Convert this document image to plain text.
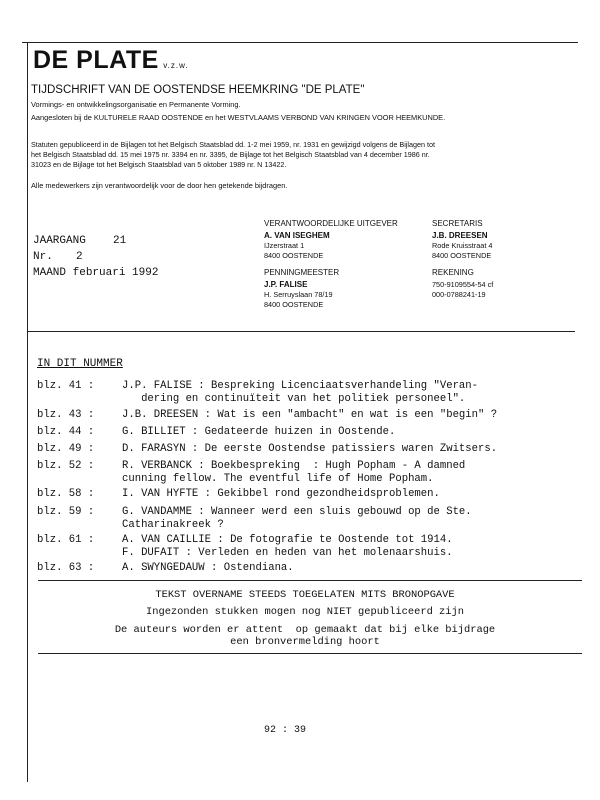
DE PLATE v.z.w.
TIJDSCHRIFT VAN DE OOSTENDSE HEEMKRING "DE PLATE"
Vormings- en ontwikkelingsorganisatie en Permanente Vorming.
Aangesloten bij de KULTURELE RAAD OOSTENDE en het WESTVLAAMS VERBOND VAN KRINGEN VOOR HEEMKUNDE.
Statuten gepubliceerd in de Bijlagen tot het Belgisch Staatsblad dd. 1-2 mei 1959, nr. 1931 en gewijzigd volgens de Bijlagen tot
het Belgisch Staatsblad dd. 15 mei 1975 nr. 3394 en nr. 3395, de Bijlage tot het Belgisch Staatsblad van 4 december 1986 nr.
31023 en de Bijlage tot het Belgisch Staatsblad van 5 oktober 1989 nr. N 13422.
Alle medewerkers zijn verantwoordelijk voor de door hen getekende bijdragen.
JAARGANG 21
Nr. 2
MAAND februari 1992
VERANTWOORDELIJKE UITGEVER
A. VAN ISEGHEM
IJzerstraat 1
8400 OOSTENDE
SECRETARIS
J.B. DREESEN
Rode Kruisstraat 4
8400 OOSTENDE
PENNINGMEESTER
J.P. FALISE
H. Serruyslaan 78/19
8400 OOSTENDE
REKENING
750-9109554-54 cf
000-0788241-19
IN DIT NUMMER
blz. 41 :	J.P. FALISE : Bespreking Licenciaatsverhandeling "Veran-
dering en continuïteit van het politiek personeel".
blz. 43 :	J.B. DREESEN : Wat is een "ambacht" en wat is een "begin" ?
blz. 44 :	G. BILLIET : Gedateerde huizen in Oostende.
blz. 49 :	D. FARASYN : De eerste Oostendse patissiers waren Zwitsers.
blz. 52 :	R. VERBANCK : Boekbespreking  : Hugh Popham - A damned
cunning fellow. The eventful life of Home Popham.
blz. 58 :	I. VAN HYFTE : Gekibbel rond gezondheidsproblemen.
blz. 59 :	G. VANDAMME : Wanneer werd een sluis gebouwd op de Ste.
Catharinakreek ?
blz. 61 :	A. VAN CAILLIE : De fotografie te Oostende tot 1914.
F. DUFAIT : Verleden en heden van het molenaarshuis.
blz. 63 :	A. SWYNGEDAUW : Ostendiana.
TEKST OVERNAME STEEDS TOEGELATEN MITS BRONOPGAVE
Ingezonden stukken mogen nog NIET gepubliceerd zijn
De auteurs worden er attent  op gemaakt dat bij elke bijdrage
een bronvermelding hoort
92 : 39
